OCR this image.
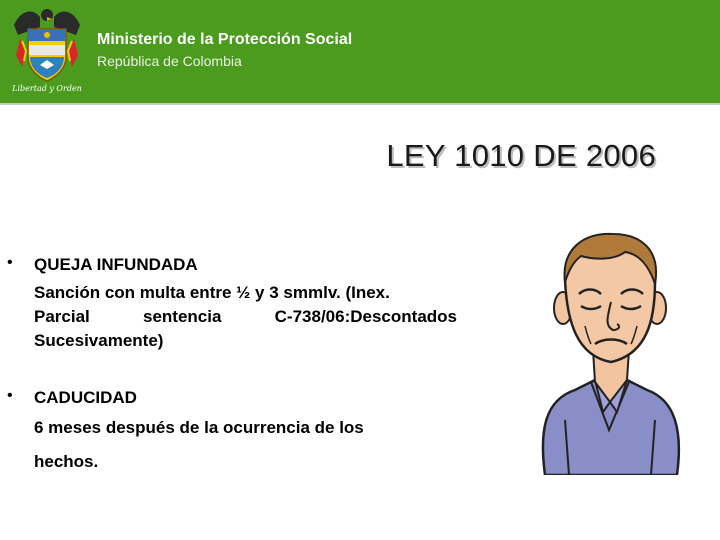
Libertad y Orden
Ministerio de la Protección Social
República de Colombia
LEY 1010 DE 2006
• QUEJA INFUNDADA
Sanción con multa entre ½ y 3 smmlv. (Inex.
Parcial sentencia C-738/06:Descontados
Sucesivamente)
• CADUCIDAD
6 meses después de la ocurrencia de los
hechos.
